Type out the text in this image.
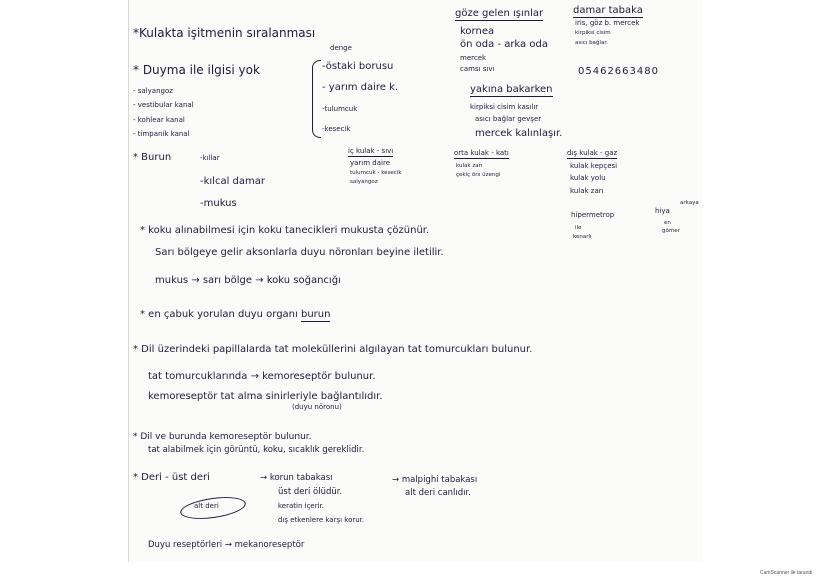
göze gelen ışınlar
kornea
ön oda - arka oda
mercek
camsı sıvı	05462663480
damar tabaka
iris, göz b. mercek
kirpiksi cisim
asıcı bağlar.
yakına bakarken
kirpiksi cisim kasılır
asıcı bağlar gevşer
mercek kalınlaşır.
*Kulakta işitmenin sıralanması
denge
* Duyma ile ilgisi yok	-östaki borusu
- yarım daire k.
-tulumcuk
-kesecik
- salyangoz
- vestibular kanal
- kohlear kanal
- timpanik kanal
iç kulak - sıvı
yarım daire
tulumcuk - kesecik
salyangoz
orta kulak - katı
kulak zarı
çekiç örs üzengi
dış kulak - gaz
kulak kepçesi
kulak yolu
kulak zarı
* Burun	-kıllar
-kılcal damar
-mukus
hipermetrop
ile
kenarlı
hiya
arkaya
en
gömer
* koku alınabilmesi için koku tanecikleri mukusta çözünür.
Sarı bölgeye gelir aksonlarla duyu nöronları beyine iletilir.
mukus → sarı bölge → koku soğancığı
* en çabuk yorulan duyu organı burun
* Dil üzerindeki papillalarda tat moleküllerini algılayan tat tomurcukları bulunur.
tat tomurcuklarında → kemoreseptör bulunur.
kemoreseptör tat alma sinirleriyle bağlantılıdır.
(duyu nöronu)
* Dil ve burunda kemoreseptör bulunur.
tat alabilmek için görüntü, koku, sıcaklık gereklidir.
* Deri - üst deri	→ korun tabakası
üst deri ölüdür.
keratin içerir.
dış etkenlere karşı korur.
alt deri
→ malpighi tabakası
alt deri canlıdır.
Duyu reseptörleri → mekanoreseptör
CamScanner ile tarandı
